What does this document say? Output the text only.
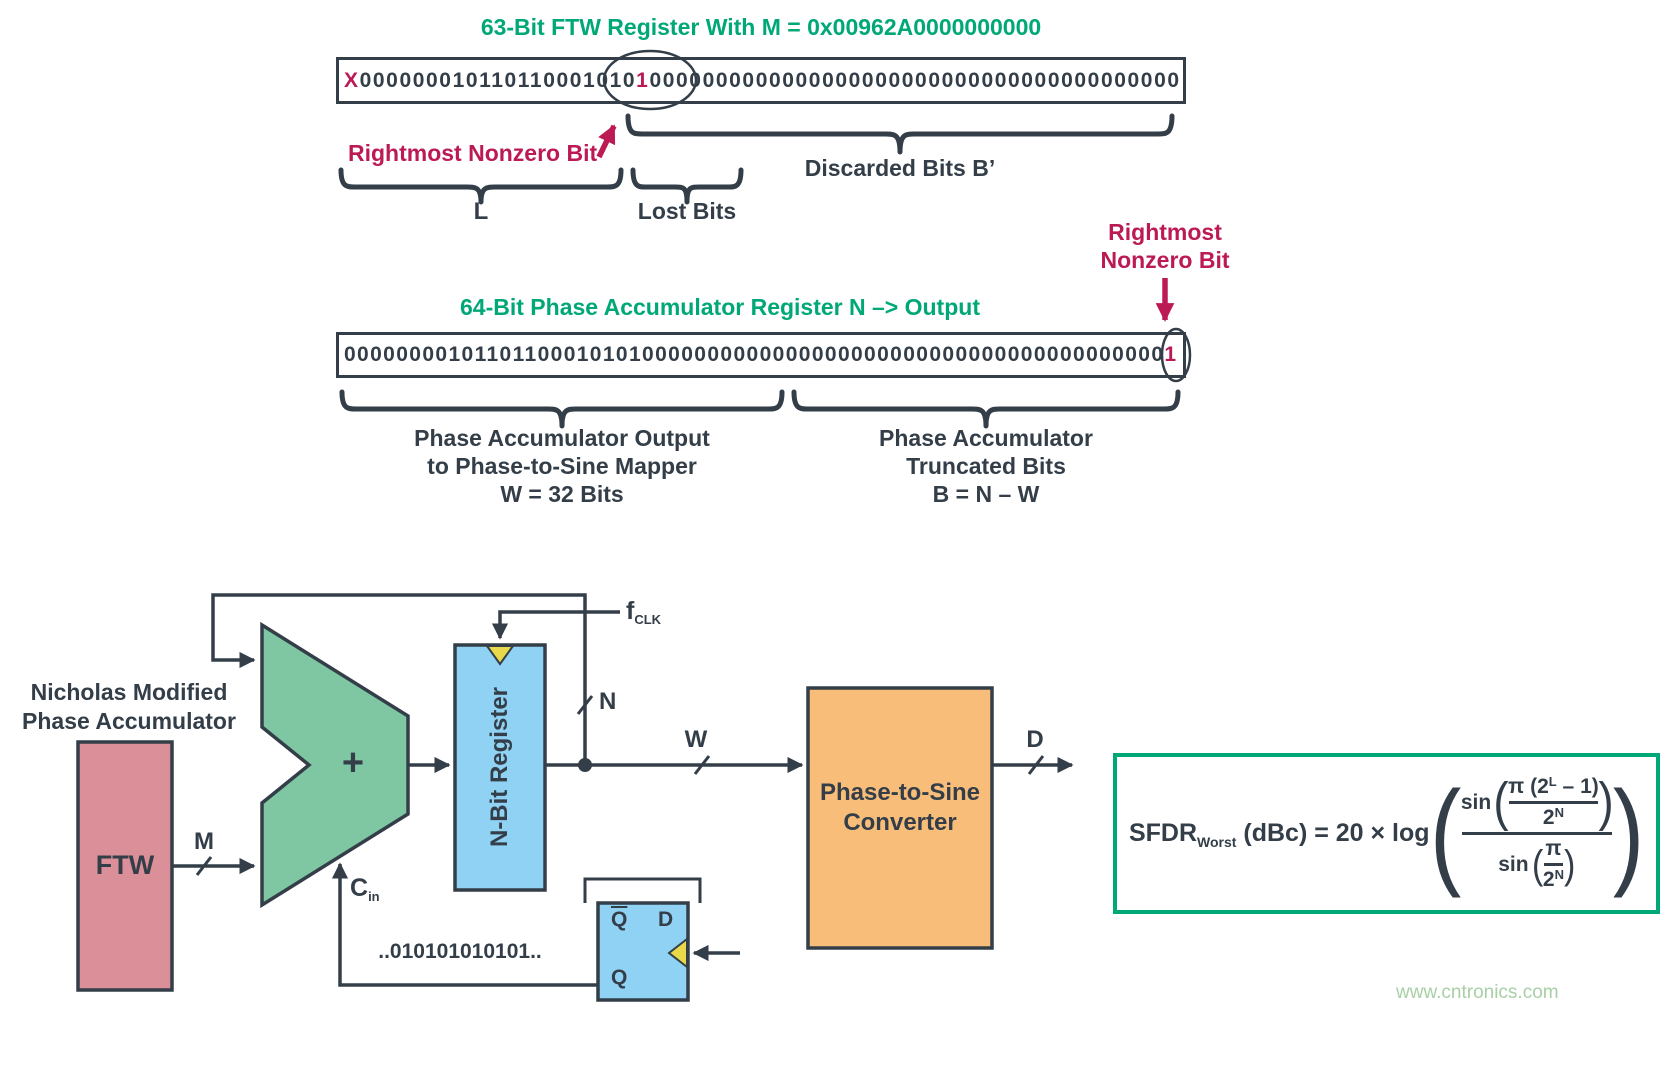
63-Bit FTW Register With M = 0x00962A0000000000
X 0000000101101100010 10 1 000 0000000000000000000000000000000000000
Rightmost Nonzero Bit
Discarded Bits B’
L	Lost Bits
Rightmost
Nonzero Bit
64-Bit Phase Accumulator Register N –> Output
000000001011011000101010 000000000000000000000000000000000000000 1
Phase Accumulator Output
to Phase-to-Sine Mapper
W = 32 Bits
Phase Accumulator
Truncated Bits
B = N – W
Nicholas Modified
Phase Accumulator
FTW
M
+
$C_{in}$
$f_{CLK}$
N
N-Bit Register	W
Phase-to-Sine
Converter
D
..010101010101..
$\overline{Q}$ D
Q
$SFDR_{Worst}$ (dBc) = 20 × log ( sin ( π $(2^L - 1)$
$2^N$ )
sin ( π
$2^N$ ) )
www.cntronics.com
